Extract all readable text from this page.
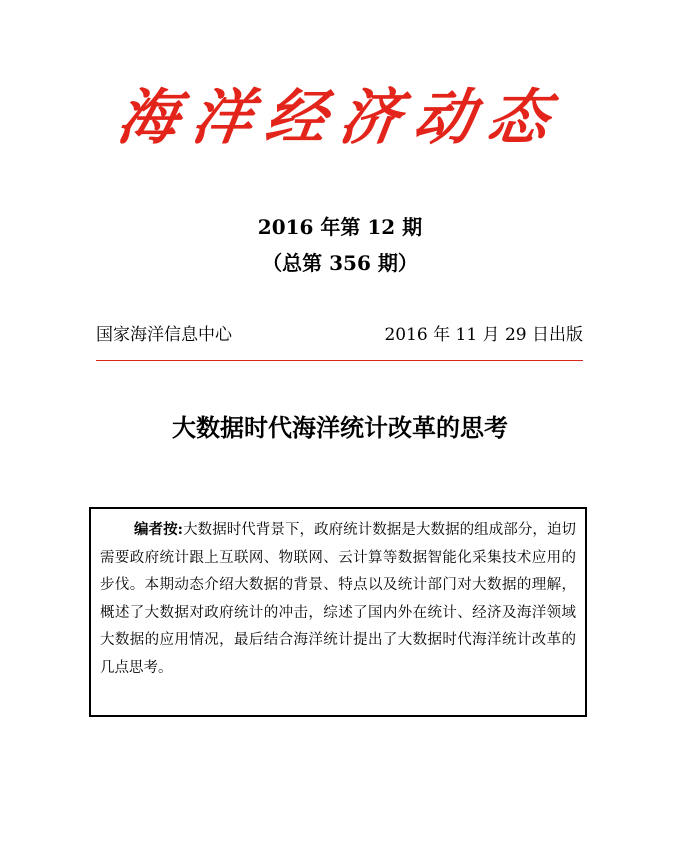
海洋经济动态
2016 年第 12 期
（总第 356 期）
国家海洋信息中心	2016 年 11 月 29 日出版
大数据时代海洋统计改革的思考
编者按:大数据时代背景下，政府统计数据是大数据的组成部分，迫切需要政府统计跟上互联网、物联网、云计算等数据智能化采集技术应用的步伐。本期动态介绍大数据的背景、特点以及统计部门对大数据的理解，概述了大数据对政府统计的冲击，综述了国内外在统计、经济及海洋领域大数据的应用情况，最后结合海洋统计提出了大数据时代海洋统计改革的几点思考。
